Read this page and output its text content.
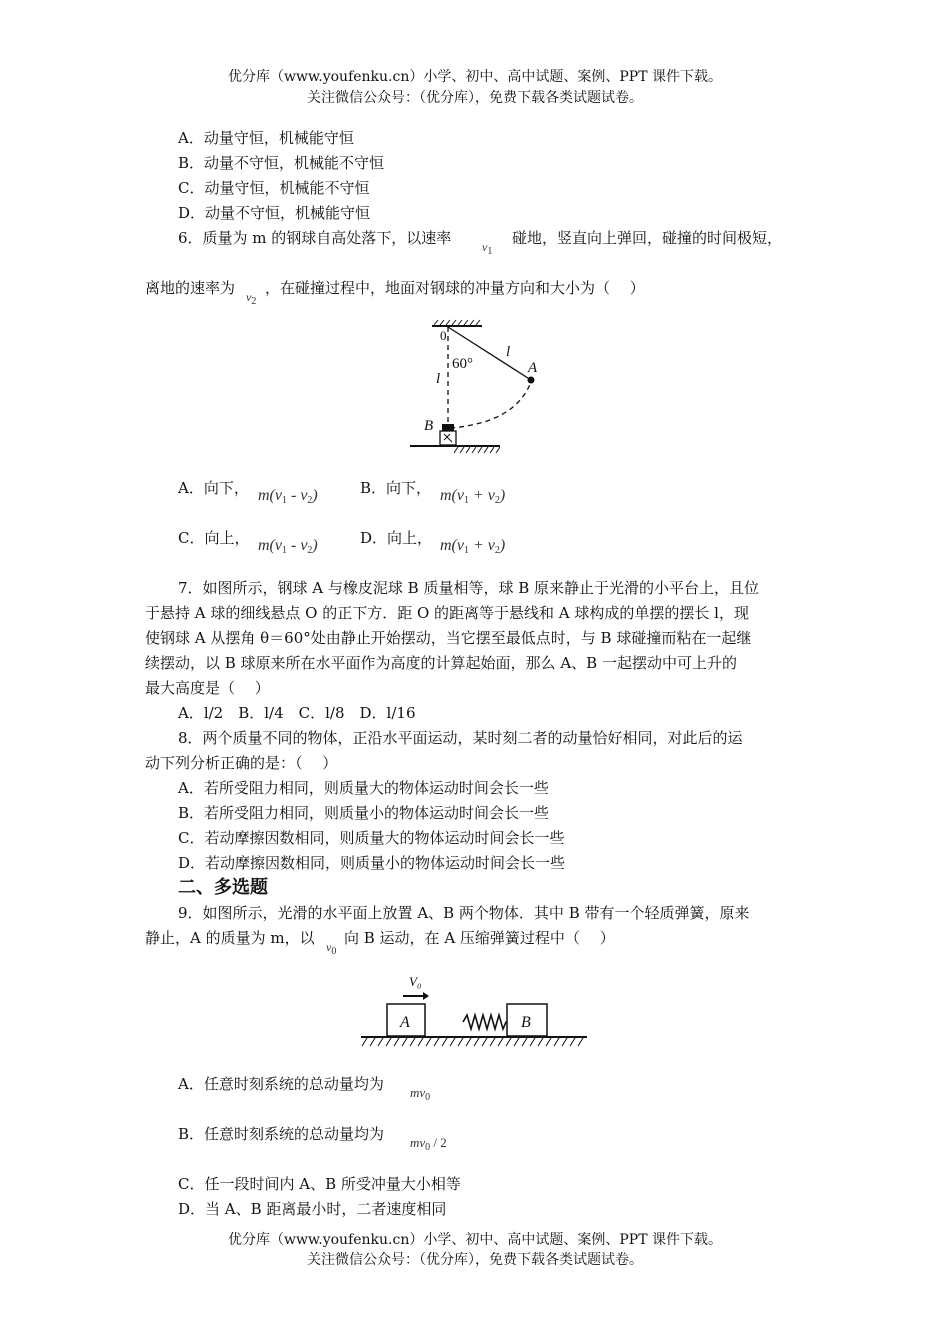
优分库（www.youfenku.cn）小学、初中、高中试题、案例、PPT 课件下载。
关注微信公众号：（优分库），免费下载各类试题试卷。
A．动量守恒，机械能守恒
B．动量不守恒，机械能不守恒
C．动量守恒，机械能不守恒
D．动量不守恒，机械能守恒
6．质量为 m 的钢球自高处落下，以速率	$v_1$
碰地，竖直向上弹回，碰撞的时间极短，
离地的速率为 $v_2$
，在碰撞过程中，地面对钢球的冲量方向和大小为（　 ）
0
60°
l
l
A
B
A．向下， $m(v_1 - v_2)$	B．向下， $m(v_1 + v_2)$
C．向上， $m(v_1 - v_2)$	D．向上， $m(v_1 + v_2)$
7．如图所示，钢球 A 与橡皮泥球 B 质量相等，球 B 原来静止于光滑的小平台上，且位
于悬持 A 球的细线悬点 O 的正下方．距 O 的距离等于悬线和 A 球构成的单摆的摆长 l，现
使钢球 A 从摆角 θ＝60°处由静止开始摆动，当它摆至最低点时，与 B 球碰撞而粘在一起继
续摆动，以 B 球原来所在水平面作为高度的计算起始面，那么 A、B 一起摆动中可上升的
最大高度是（　 ）
A．l/2　B．l/4　C．l/8　D．l/16
8．两个质量不同的物体，正沿水平面运动，某时刻二者的动量恰好相同，对此后的运
动下列分析正确的是：（　 ）
A．若所受阻力相同，则质量大的物体运动时间会长一些
B．若所受阻力相同，则质量小的物体运动时间会长一些
C．若动摩擦因数相同，则质量大的物体运动时间会长一些
D．若动摩擦因数相同，则质量小的物体运动时间会长一些
二、多选题
9．如图所示，光滑的水平面上放置 A、B 两个物体．其中 B 带有一个轻质弹簧，原来
静止，A 的质量为 m，以 $v_0$
向 B 运动，在 A 压缩弹簧过程中（　 ）
V₀
A	B
A．任意时刻系统的总动量均为 $mv_0$
B．任意时刻系统的总动量均为 $mv_0 / 2$
C．任一段时间内 A、B 所受冲量大小相等
D．当 A、B 距离最小时，二者速度相同
优分库（www.youfenku.cn）小学、初中、高中试题、案例、PPT 课件下载。
关注微信公众号：（优分库），免费下载各类试题试卷。
